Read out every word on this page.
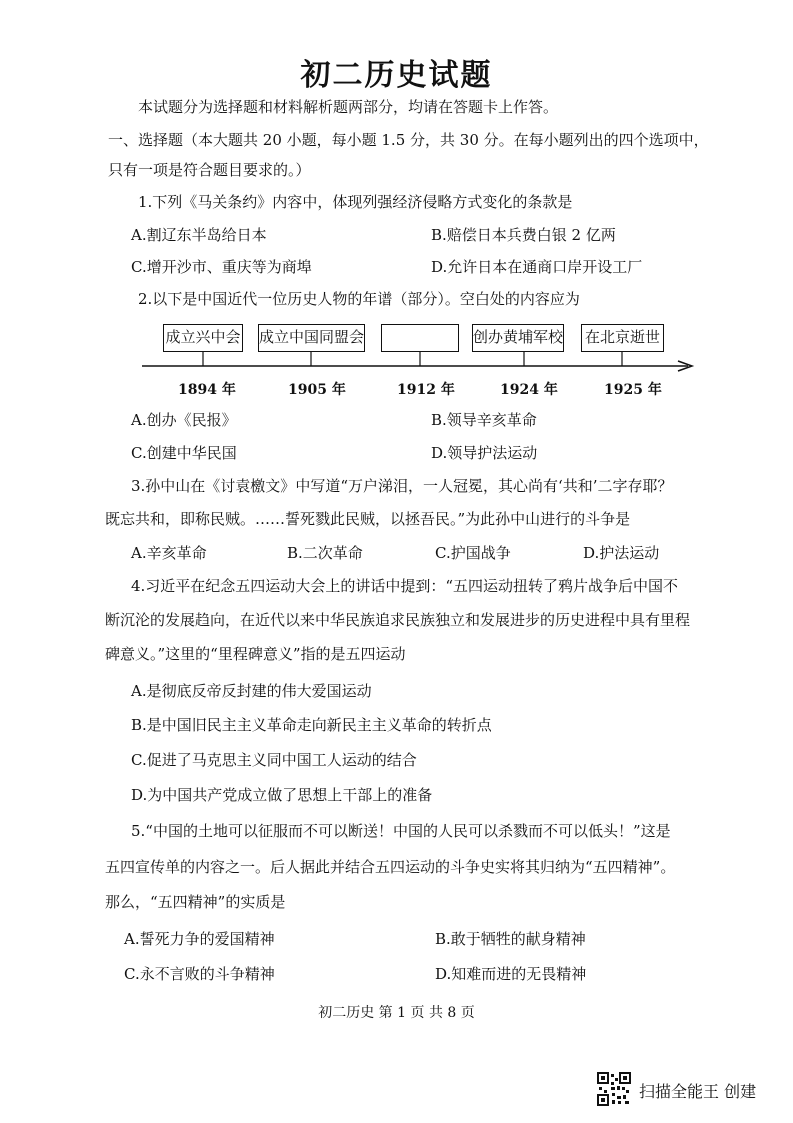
初二历史试题
本试题分为选择题和材料解析题两部分，均请在答题卡上作答。
一、选择题（本大题共 20 小题，每小题 1.5 分，共 30 分。在每小题列出的四个选项中，
只有一项是符合题目要求的。）
1.下列《马关条约》内容中，体现列强经济侵略方式变化的条款是
A.割辽东半岛给日本	B.赔偿日本兵费白银 2 亿两
C.增开沙市、重庆等为商埠	D.允许日本在通商口岸开设工厂
2.以下是中国近代一位历史人物的年谱（部分）。空白处的内容应为
成立兴中会 成立中国同盟会	创办黄埔军校 在北京逝世
1894 年	1905 年	1912 年	1924 年	1925 年
A.创办《民报》	B.领导辛亥革命
C.创建中华民国	D.领导护法运动
3.孙中山在《讨袁檄文》中写道“万户涕泪，一人冠冕，其心尚有‘共和’二字存耶？
既忘共和，即称民贼。……誓死戮此民贼，以拯吾民。”为此孙中山进行的斗争是
A.辛亥革命	B.二次革命	C.护国战争	D.护法运动
4.习近平在纪念五四运动大会上的讲话中提到：“五四运动扭转了鸦片战争后中国不
断沉沦的发展趋向，在近代以来中华民族追求民族独立和发展进步的历史进程中具有里程
碑意义。”这里的“里程碑意义”指的是五四运动
A.是彻底反帝反封建的伟大爱国运动
B.是中国旧民主主义革命走向新民主主义革命的转折点
C.促进了马克思主义同中国工人运动的结合
D.为中国共产党成立做了思想上干部上的准备
5.“中国的土地可以征服而不可以断送！中国的人民可以杀戮而不可以低头！”这是
五四宣传单的内容之一。后人据此并结合五四运动的斗争史实将其归纳为“五四精神”。
那么，“五四精神”的实质是
A.誓死力争的爱国精神	B.敢于牺牲的献身精神
C.永不言败的斗争精神	D.知难而进的无畏精神
初二历史 第 1 页 共 8 页
扫描全能王 创建
